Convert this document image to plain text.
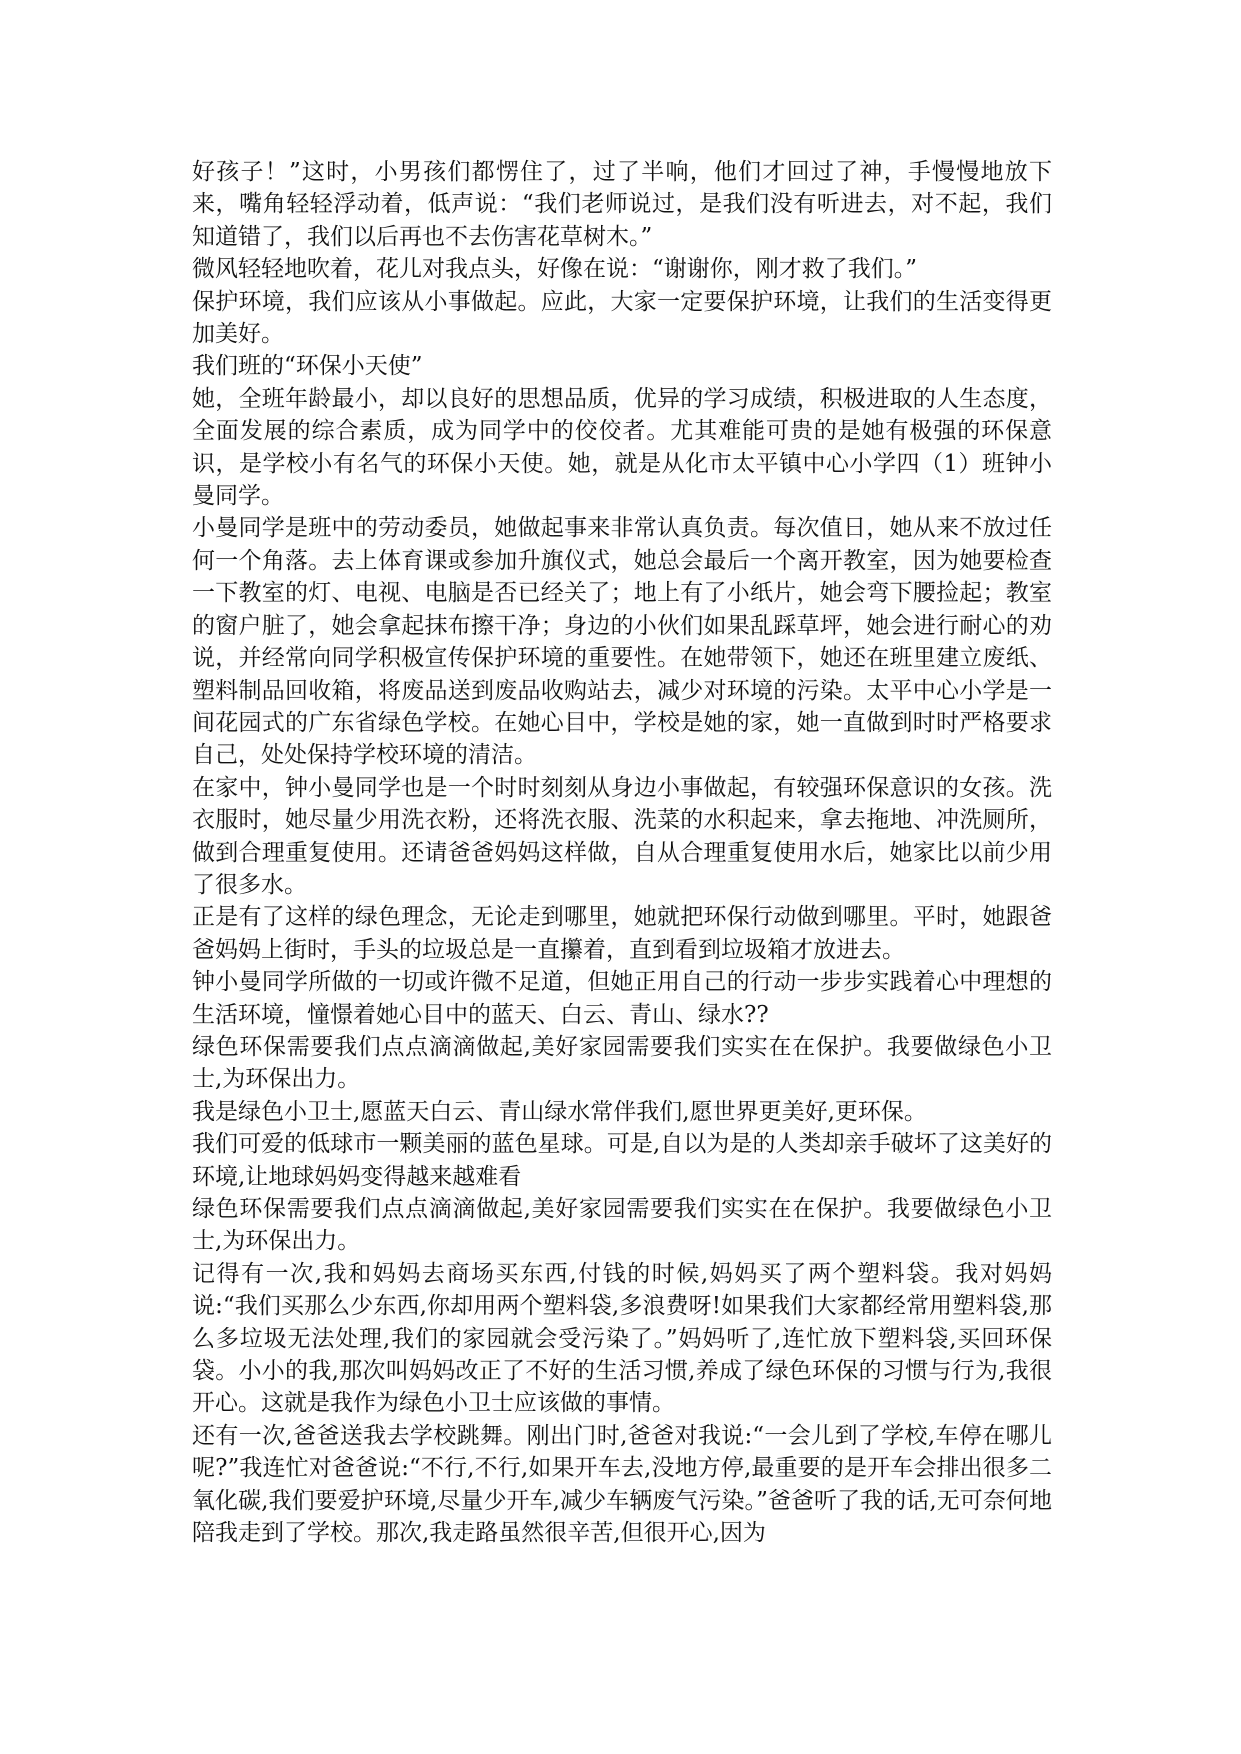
好孩子！”这时，小男孩们都愣住了，过了半响，他们才回过了神，手慢慢地放下来，嘴角轻轻浮动着，低声说：“我们老师说过，是我们没有听进去，对不起，我们知道错了，我们以后再也不去伤害花草树木。”

微风轻轻地吹着，花儿对我点头，好像在说：“谢谢你，刚才救了我们。”

保护环境，我们应该从小事做起。应此，大家一定要保护环境，让我们的生活变得更加美好。

我们班的“环保小天使”

她，全班年龄最小，却以良好的思想品质，优异的学习成绩，积极进取的人生态度，全面发展的综合素质，成为同学中的佼佼者。尤其难能可贵的是她有极强的环保意识，是学校小有名气的环保小天使。她，就是从化市太平镇中心小学四（1）班钟小曼同学。

小曼同学是班中的劳动委员，她做起事来非常认真负责。每次值日，她从来不放过任何一个角落。去上体育课或参加升旗仪式，她总会最后一个离开教室，因为她要检查一下教室的灯、电视、电脑是否已经关了；地上有了小纸片，她会弯下腰捡起；教室的窗户脏了，她会拿起抹布擦干净；身边的小伙们如果乱踩草坪，她会进行耐心的劝说，并经常向同学积极宣传保护环境的重要性。在她带领下，她还在班里建立废纸、塑料制品回收箱，将废品送到废品收购站去，减少对环境的污染。太平中心小学是一间花园式的广东省绿色学校。在她心目中，学校是她的家，她一直做到时时严格要求自己，处处保持学校环境的清洁。

在家中，钟小曼同学也是一个时时刻刻从身边小事做起，有较强环保意识的女孩。洗衣服时，她尽量少用洗衣粉，还将洗衣服、洗菜的水积起来，拿去拖地、冲洗厕所，做到合理重复使用。还请爸爸妈妈这样做，自从合理重复使用水后，她家比以前少用了很多水。

正是有了这样的绿色理念，无论走到哪里，她就把环保行动做到哪里。平时，她跟爸爸妈妈上街时，手头的垃圾总是一直攥着，直到看到垃圾箱才放进去。

钟小曼同学所做的一切或许微不足道，但她正用自己的行动一步步实践着心中理想的生活环境，憧憬着她心目中的蓝天、白云、青山、绿水??

绿色环保需要我们点点滴滴做起,美好家园需要我们实实在在保护。我要做绿色小卫士,为环保出力。

我是绿色小卫士,愿蓝天白云、青山绿水常伴我们,愿世界更美好,更环保。

我们可爱的低球市一颗美丽的蓝色星球。可是,自以为是的人类却亲手破坏了这美好的环境,让地球妈妈变得越来越难看

绿色环保需要我们点点滴滴做起,美好家园需要我们实实在在保护。我要做绿色小卫士,为环保出力。

记得有一次,我和妈妈去商场买东西,付钱的时候,妈妈买了两个塑料袋。我对妈妈说:“我们买那么少东西,你却用两个塑料袋,多浪费呀!如果我们大家都经常用塑料袋,那么多垃圾无法处理,我们的家园就会受污染了。”妈妈听了,连忙放下塑料袋,买回环保袋。小小的我,那次叫妈妈改正了不好的生活习惯,养成了绿色环保的习惯与行为,我很开心。这就是我作为绿色小卫士应该做的事情。

还有一次,爸爸送我去学校跳舞。刚出门时,爸爸对我说:“一会儿到了学校,车停在哪儿呢?”我连忙对爸爸说:“不行,不行,如果开车去,没地方停,最重要的是开车会排出很多二氧化碳,我们要爱护环境,尽量少开车,减少车辆废气污染。”爸爸听了我的话,无可奈何地陪我走到了学校。那次,我走路虽然很辛苦,但很开心,因为
